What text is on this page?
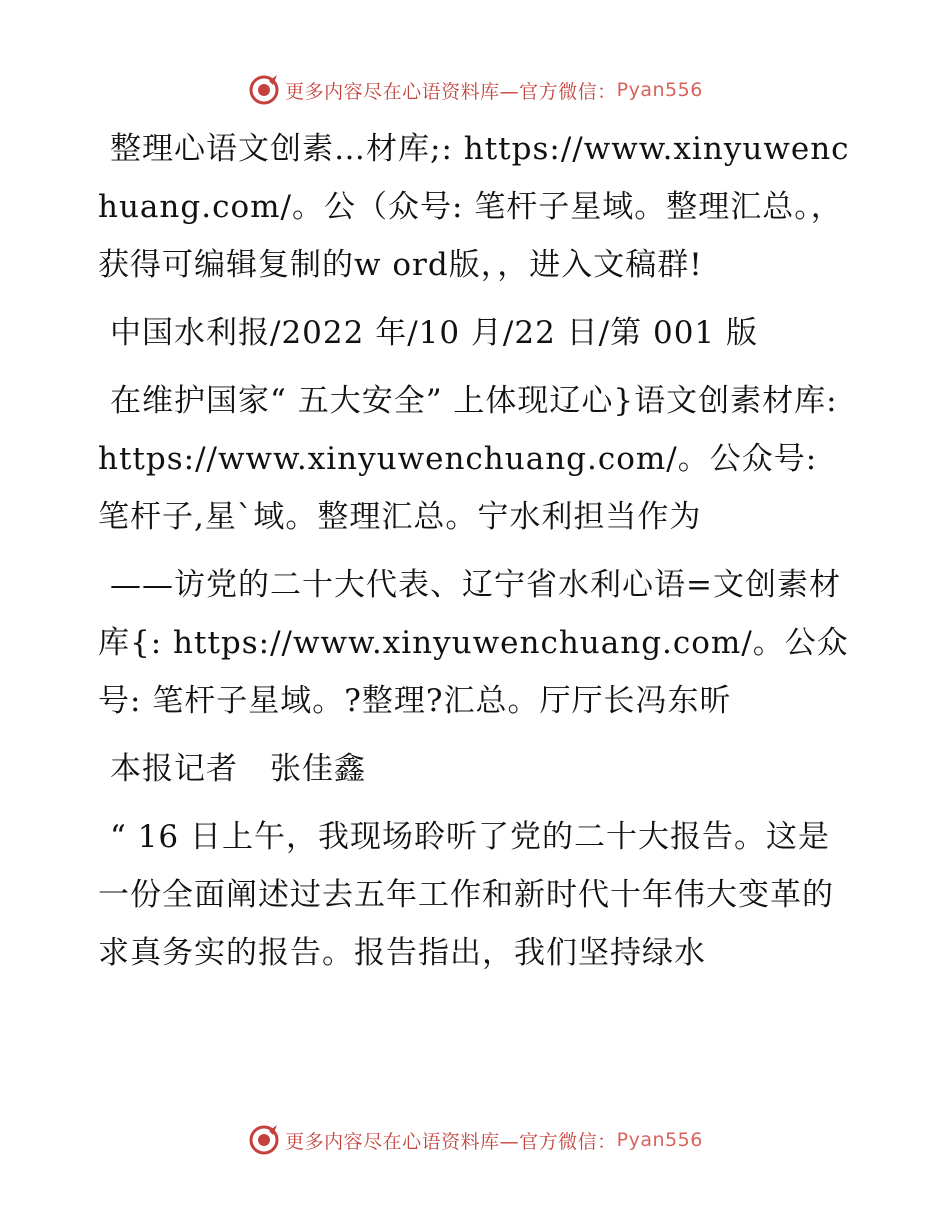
更多内容尽在心语资料库—官方微信： Pyan556

整理心语文创素…材库;: https://www.xinyuwenchuang.com/。公（众号: 笔杆子星域。整理汇总。，获得可编辑复制的w ord版，，进入文稿群!

中国水利报/2022 年/10 月/22 日/第 001 版

在维护国家“ 五大安全” 上体现辽心}语文创素材库: https://www.xinyuwenchuang.com/。公众号: 笔杆子,星`域。整理汇总。宁水利担当作为

——访党的二十大代表、辽宁省水利心语=文创素材库{: https://www.xinyuwenchuang.com/。公众号: 笔杆子星域。?整理?汇总。厅厅长冯东昕

本报记者　张佳鑫

“ 16 日上午，我现场聆听了党的二十大报告。这是一份全面阐述过去五年工作和新时代十年伟大变革的求真务实的报告。报告指出，我们坚持绿水

更多内容尽在心语资料库—官方微信： Pyan556
